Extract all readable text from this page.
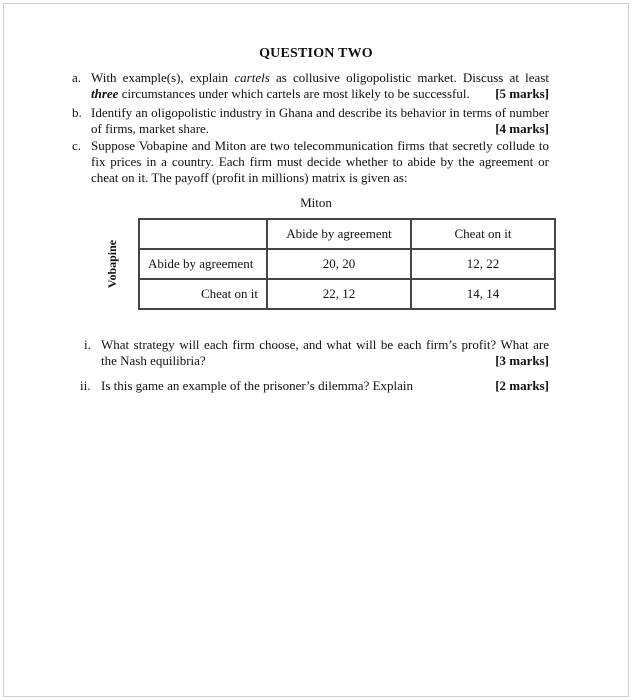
QUESTION TWO
a. With example(s), explain cartels as collusive oligopolistic market. Discuss at least three circumstances under which cartels are most likely to be successful. [5 marks]
b. Identify an oligopolistic industry in Ghana and describe its behavior in terms of number of firms, market share.	[4 marks]
c. Suppose Vobapine and Miton are two telecommunication firms that secretly collude to fix prices in a country. Each firm must decide whether to abide by the agreement or cheat on it. The payoff (profit in millions) matrix is given as:
Miton
Vobapine
	Abide by agreement	Cheat on it
Abide by agreement	20, 20	12, 22
Cheat on it	22, 12	14, 14
i. What strategy will each firm choose, and what will be each firm’s profit? What are the Nash equilibria?	[3 marks]
ii. Is this game an example of the prisoner’s dilemma? Explain	[2 marks]
